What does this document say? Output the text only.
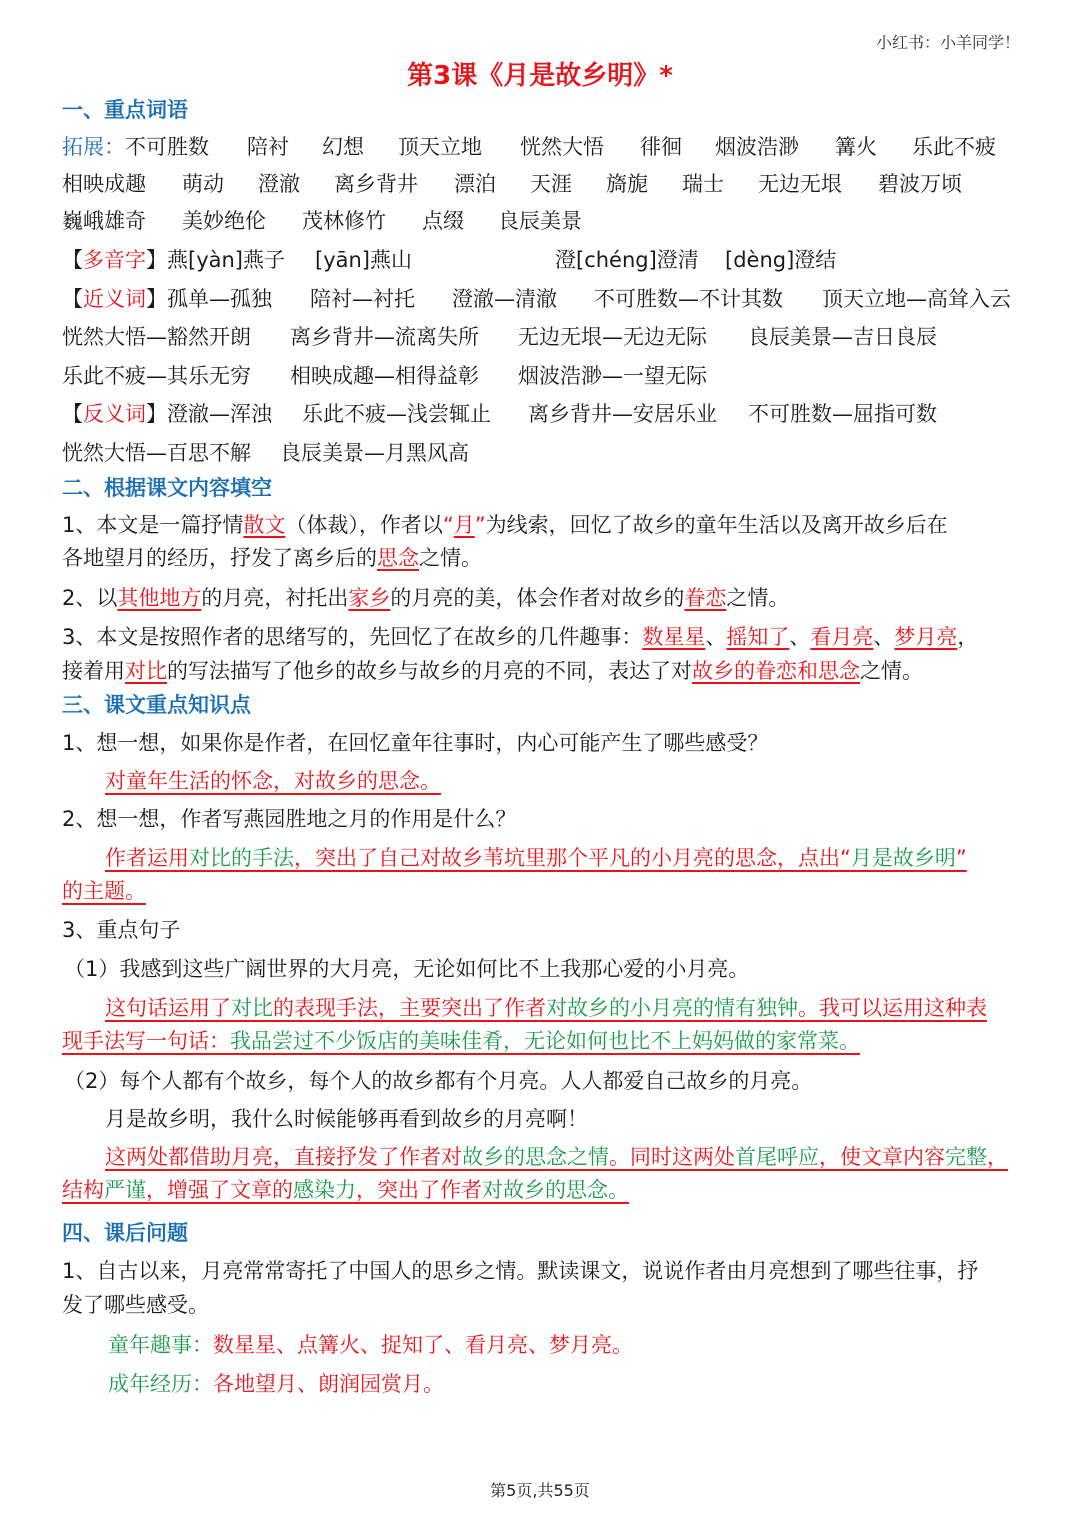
小红书：小羊同学！
第3课《月是故乡明》*
一、重点词语
拓展：不可胜数 陪衬 幻想 顶天立地 恍然大悟 徘徊 烟波浩渺 篝火 乐此不疲
相映成趣 萌动 澄澈 离乡背井 漂泊 天涯 旖旎 瑞士 无边无垠 碧波万顷
巍峨雄奇 美妙绝伦 茂林修竹 点缀 良辰美景
【多音字】燕[yàn]燕子 [yān]燕山	澄[chéng]澄清 [dèng]澄结
【近义词】孤单—孤独 陪衬—衬托 澄澈—清澈 不可胜数—不计其数 顶天立地—高耸入云
恍然大悟—豁然开朗 离乡背井—流离失所 无边无垠—无边无际 良辰美景—吉日良辰
乐此不疲—其乐无穷 相映成趣—相得益彰 烟波浩渺—一望无际
【反义词】澄澈—浑浊 乐此不疲—浅尝辄止 离乡背井—安居乐业 不可胜数—屈指可数
恍然大悟—百思不解 良辰美景—月黑风高
二、根据课文内容填空
1、本文是一篇抒情散文（体裁），作者以“月”为线索，回忆了故乡的童年生活以及离开故乡后在
各地望月的经历，抒发了离乡后的思念之情。
2、以其他地方的月亮，衬托出家乡的月亮的美，体会作者对故乡的眷恋之情。
3、本文是按照作者的思绪写的，先回忆了在故乡的几件趣事：数星星、摇知了、看月亮、梦月亮，
接着用对比的写法描写了他乡的故乡与故乡的月亮的不同，表达了对故乡的眷恋和思念之情。
三、课文重点知识点
1、想一想，如果你是作者，在回忆童年往事时，内心可能产生了哪些感受？
对童年生活的怀念，对故乡的思念。
2、想一想，作者写燕园胜地之月的作用是什么？
作者运用对比的手法，突出了自己对故乡苇坑里那个平凡的小月亮的思念，点出“月是故乡明”
的主题。
3、重点句子
（1）我感到这些广阔世界的大月亮，无论如何比不上我那心爱的小月亮。
这句话运用了对比的表现手法，主要突出了作者对故乡的小月亮的情有独钟。我可以运用这种表
现手法写一句话：我品尝过不少饭店的美味佳肴，无论如何也比不上妈妈做的家常菜。
（2）每个人都有个故乡，每个人的故乡都有个月亮。人人都爱自己故乡的月亮。
月是故乡明，我什么时候能够再看到故乡的月亮啊！
这两处都借助月亮，直接抒发了作者对故乡的思念之情。同时这两处首尾呼应，使文章内容完整，
结构严谨，增强了文章的感染力，突出了作者对故乡的思念。
四、课后问题
1、自古以来，月亮常常寄托了中国人的思乡之情。默读课文，说说作者由月亮想到了哪些往事，抒
发了哪些感受。
童年趣事：数星星、点篝火、捉知了、看月亮、梦月亮。
成年经历：各地望月、朗润园赏月。
第5页,共55页
